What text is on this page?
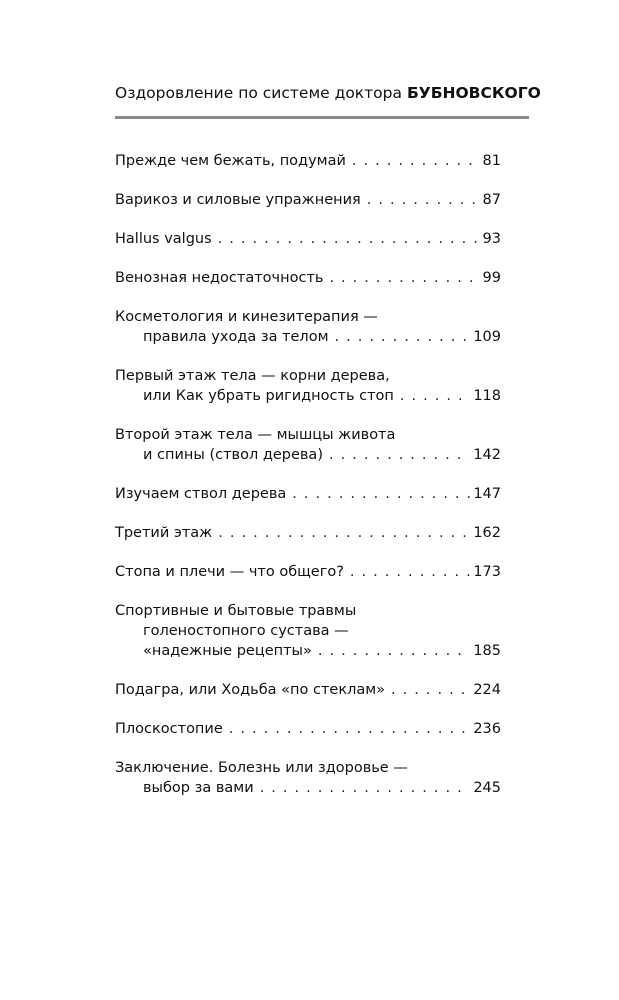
Оздоровление по системе доктора БУБНОВСКОГО
Прежде чем бежать, подумай . . .	81
Варикоз и силовые упражнения . . .	87
Hallus valgus . . .	93
Венозная недостаточность . . .	99
Косметология и кинезитерапия —
правила ухода за телом . . .	109
Первый этаж тела — корни дерева,
или Как убрать ригидность стоп . . .	118
Второй этаж тела — мышцы живота
и спины (ствол дерева) . . .	142
Изучаем ствол дерева . . .	147
Третий этаж . . .	162
Стопа и плечи — что общего? . . .	173
Спортивные и бытовые травмы
голеностопного сустава —
«надежные рецепты» . . .	185
Подагра, или Ходьба «по стеклам» . . .	224
Плоскостопие . . .	236
Заключение. Болезнь или здоровье —
выбор за вами . . .	245
